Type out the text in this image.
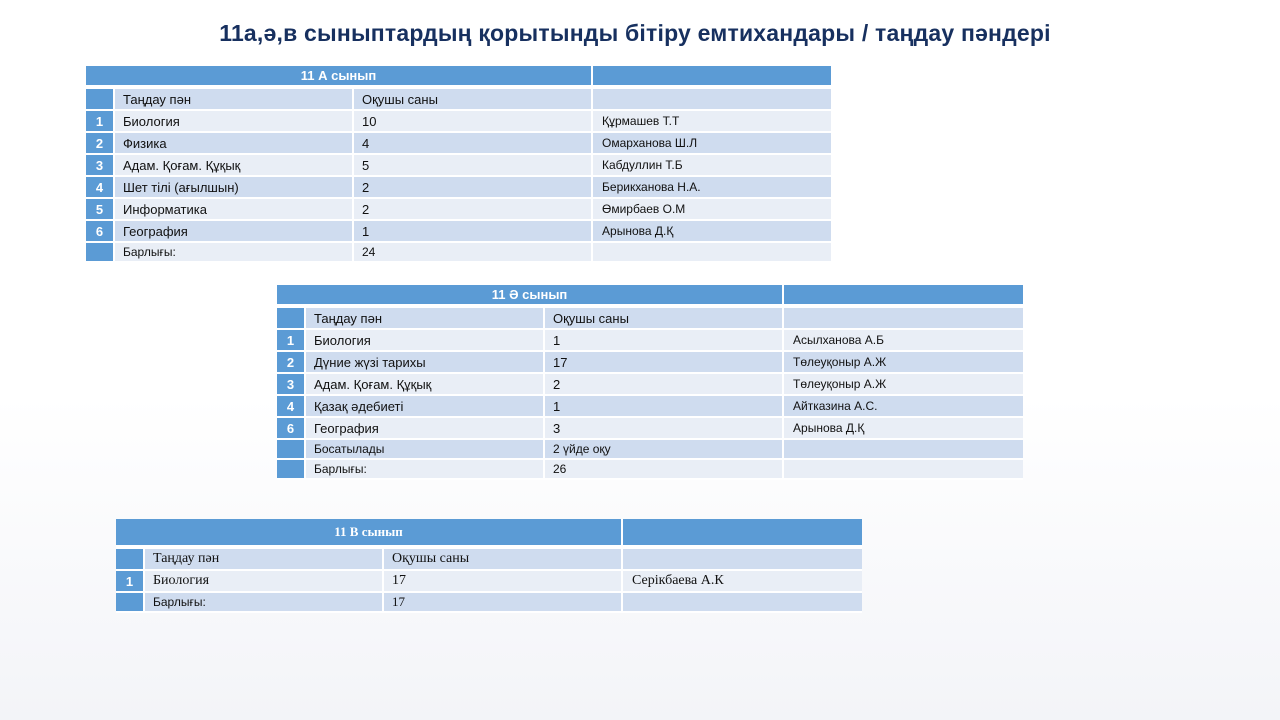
11а,ә,в сыныптардың қорытынды бітіру емтихандары / таңдау пәндері
11 А сынып			
	Таңдау пән	Оқушы саны	
1	Биология	10	Құрмашев Т.Т
2	Физика	4	Омарханова Ш.Л
3	Адам. Қоғам. Құқық	5	Кабдуллин Т.Б
4	Шет тілі (ағылшын)	2	Берикханова Н.А.
5	Информатика	2	Өмирбаев О.М
6	География	1	Арынова Д.Қ
	Барлығы:	24	
11 Ә сынып			
	Таңдау пән	Оқушы саны	
1	Биология	1	Асылханова А.Б
2	Дүние жүзі тарихы	17	Төлеуқоныр А.Ж
3	Адам. Қоғам. Құқық	2	Төлеуқоныр А.Ж
4	Қазақ әдебиеті	1	Айтказина А.С.
6	География	3	Арынова Д.Қ
	Босатылады	2 үйде оқу	
	Барлығы:	26	
11 В сынып			
	Таңдау пән	Оқушы саны	
1	Биология	17	Серікбаева А.К
	Барлығы:	17	
